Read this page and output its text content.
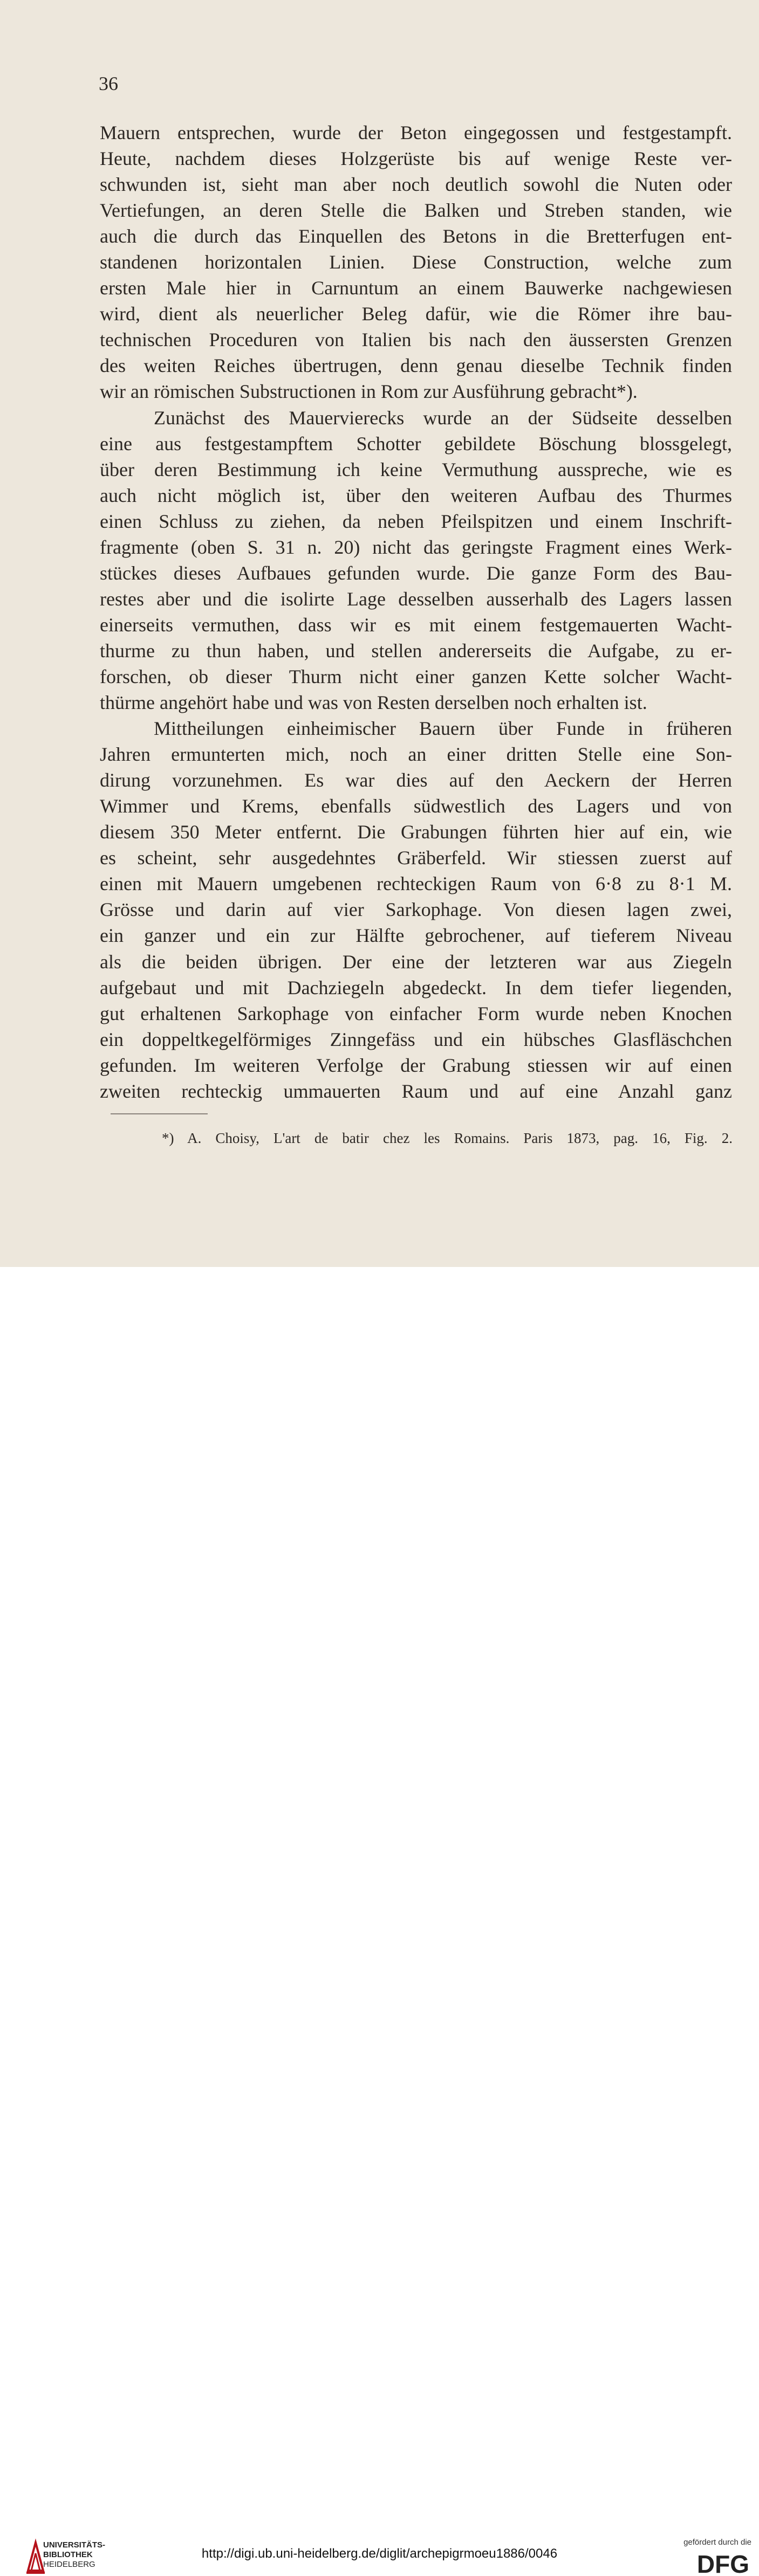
36
Mauern entsprechen, wurde der Beton eingegossen und festgestampft.
Heute, nachdem dieses Holzgerüste bis auf wenige Reste ver-
schwunden ist, sieht man aber noch deutlich sowohl die Nuten oder
Vertiefungen, an deren Stelle die Balken und Streben standen, wie
auch die durch das Einquellen des Betons in die Bretterfugen ent-
standenen horizontalen Linien. Diese Construction, welche zum
ersten Male hier in Carnuntum an einem Bauwerke nachgewiesen
wird, dient als neuerlicher Beleg dafür, wie die Römer ihre bau-
technischen Proceduren von Italien bis nach den äussersten Grenzen
des weiten Reiches übertrugen, denn genau dieselbe Technik finden
wir an römischen Substructionen in Rom zur Ausführung gebracht*).
Zunächst des Mauervierecks wurde an der Südseite desselben
eine aus festgestampftem Schotter gebildete Böschung blossgelegt,
über deren Bestimmung ich keine Vermuthung ausspreche, wie es
auch nicht möglich ist, über den weiteren Aufbau des Thurmes
einen Schluss zu ziehen, da neben Pfeilspitzen und einem Inschrift-
fragmente (oben S. 31 n. 20) nicht das geringste Fragment eines Werk-
stückes dieses Aufbaues gefunden wurde. Die ganze Form des Bau-
restes aber und die isolirte Lage desselben ausserhalb des Lagers lassen
einerseits vermuthen, dass wir es mit einem festgemauerten Wacht-
thurme zu thun haben, und stellen andererseits die Aufgabe, zu er-
forschen, ob dieser Thurm nicht einer ganzen Kette solcher Wacht-
thürme angehört habe und was von Resten derselben noch erhalten ist.
Mittheilungen einheimischer Bauern über Funde in früheren
Jahren ermunterten mich, noch an einer dritten Stelle eine Son-
dirung vorzunehmen. Es war dies auf den Aeckern der Herren
Wimmer und Krems, ebenfalls südwestlich des Lagers und von
diesem 350 Meter entfernt. Die Grabungen führten hier auf ein, wie
es scheint, sehr ausgedehntes Gräberfeld. Wir stiessen zuerst auf
einen mit Mauern umgebenen rechteckigen Raum von 6·8 zu 8·1 M.
Grösse und darin auf vier Sarkophage. Von diesen lagen zwei,
ein ganzer und ein zur Hälfte gebrochener, auf tieferem Niveau
als die beiden übrigen. Der eine der letzteren war aus Ziegeln
aufgebaut und mit Dachziegeln abgedeckt. In dem tiefer liegenden,
gut erhaltenen Sarkophage von einfacher Form wurde neben Knochen
ein doppeltkegelförmiges Zinngefäss und ein hübsches Glasfläschchen
gefunden. Im weiteren Verfolge der Grabung stiessen wir auf einen
zweiten rechteckig ummauerten Raum und auf eine Anzahl ganz
*) A. Choisy, L'art de batir chez les Romains. Paris 1873, pag. 16, Fig. 2.
UNIVERSITÄTS-
BIBLIOTHEK
HEIDELBERG
http://digi.ub.uni-heidelberg.de/diglit/archepigrmoeu1886/0046
gefördert durch die
DFG
